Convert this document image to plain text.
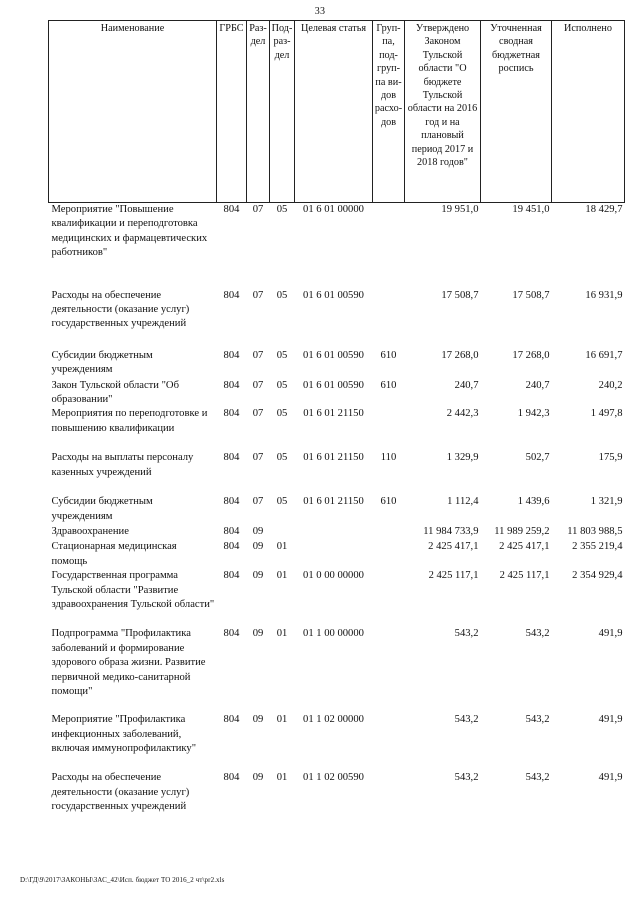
33
Наименование	ГРБС	Раз-дел	Под-раз-дел	Целевая статья	Груп-па, под-груп-па ви-дов расхо-дов	Утверждено Законом Тульской области "О бюджете Тульской области на 2016 год и на плановый период 2017 и 2018 годов"	Уточненная сводная бюджетная роспись	Исполнено
Мероприятие "Повышение квалификации и переподготовка медицинских и фармацевтических работников"	804	07	05	01 6 01 00000		19 951,0	19 451,0	18 429,7
Расходы на обеспечение деятельности (оказание услуг) государственных учреждений	804	07	05	01 6 01 00590		17 508,7	17 508,7	16 931,9
Субсидии бюджетным учреждениям	804	07	05	01 6 01 00590	610	17 268,0	17 268,0	16 691,7
Закон Тульской области "Об образовании"	804	07	05	01 6 01 00590	610	240,7	240,7	240,2
Мероприятия по переподготовке и повышению квалификации	804	07	05	01 6 01 21150		2 442,3	1 942,3	1 497,8
Расходы на выплаты персоналу казенных учреждений	804	07	05	01 6 01 21150	110	1 329,9	502,7	175,9
Субсидии бюджетным учреждениям	804	07	05	01 6 01 21150	610	1 112,4	1 439,6	1 321,9
Здравоохранение	804	09				11 984 733,9	11 989 259,2	11 803 988,5
Стационарная медицинская помощь	804	09	01			2 425 417,1	2 425 417,1	2 355 219,4
Государственная программа Тульской области "Развитие здравоохранения Тульской области"	804	09	01	01 0 00 00000		2 425 117,1	2 425 117,1	2 354 929,4
Подпрограмма "Профилактика заболеваний и формирование здорового образа жизни. Развитие первичной медико-санитарной помощи"	804	09	01	01 1 00 00000		543,2	543,2	491,9
Мероприятие "Профилактика инфекционных заболеваний, включая иммунопрофилактику"	804	09	01	01 1 02 00000		543,2	543,2	491,9
Расходы на обеспечение деятельности (оказание услуг) государственных учреждений	804	09	01	01 1 02 00590		543,2	543,2	491,9
D:\ГД\9\2017\ЗАКОНЫ\ЗАС_42\Исп. бюджет ТО 2016_2 чт\pr2.xls
